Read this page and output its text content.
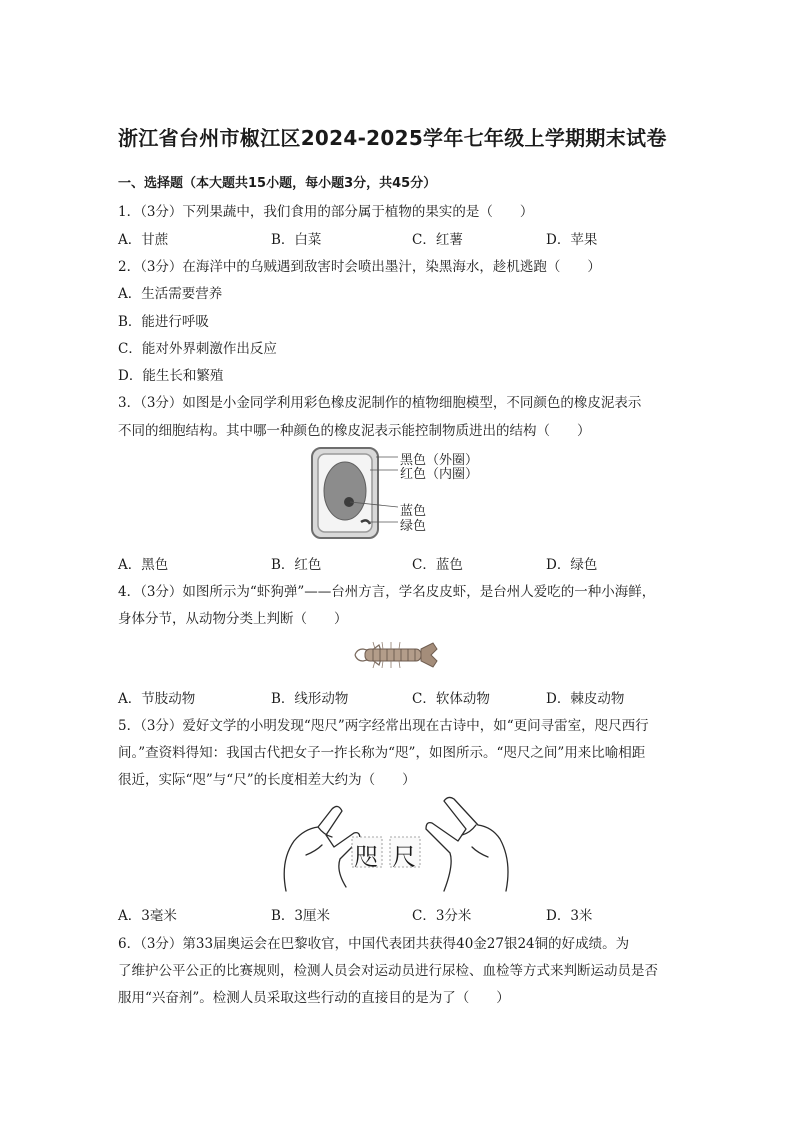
浙江省台州市椒江区2024-2025学年七年级上学期期末试卷
一、选择题（本大题共15小题，每小题3分，共45分）
1．（3分）下列果蔬中，我们食用的部分属于植物的果实的是（　　）
A．甘蔗	B．白菜	C．红薯	D．苹果
2．（3分）在海洋中的乌贼遇到敌害时会喷出墨汁，染黑海水，趁机逃跑（　　）
A．生活需要营养
B．能进行呼吸
C．能对外界刺激作出反应
D．能生长和繁殖
3．（3分）如图是小金同学利用彩色橡皮泥制作的植物细胞模型，不同颜色的橡皮泥表示
不同的细胞结构。其中哪一种颜色的橡皮泥表示能控制物质进出的结构（　　）
黑色（外圈）
红色（内圈）
蓝色
绿色
A．黑色	B．红色	C．蓝色	D．绿色
4．（3分）如图所示为“虾狗弹”——台州方言，学名皮皮虾，是台州人爱吃的一种小海鲜，
身体分节，从动物分类上判断（　　）
A．节肢动物	B．线形动物	C．软体动物	D．棘皮动物
5．（3分）爱好文学的小明发现“咫尺”两字经常出现在古诗中，如“更问寻雷室，咫尺西行
间。”查资料得知：我国古代把女子一拃长称为“咫”，如图所示。“咫尺之间”用来比喻相距
很近，实际“咫”与“尺”的长度相差大约为（　　）
咫 尺
A．3毫米	B．3厘米	C．3分米	D．3米
6．（3分）第33届奥运会在巴黎收官，中国代表团共获得40金27银24铜的好成绩。为
了维护公平公正的比赛规则，检测人员会对运动员进行尿检、血检等方式来判断运动员是否
服用“兴奋剂”。检测人员采取这些行动的直接目的是为了（　　）
